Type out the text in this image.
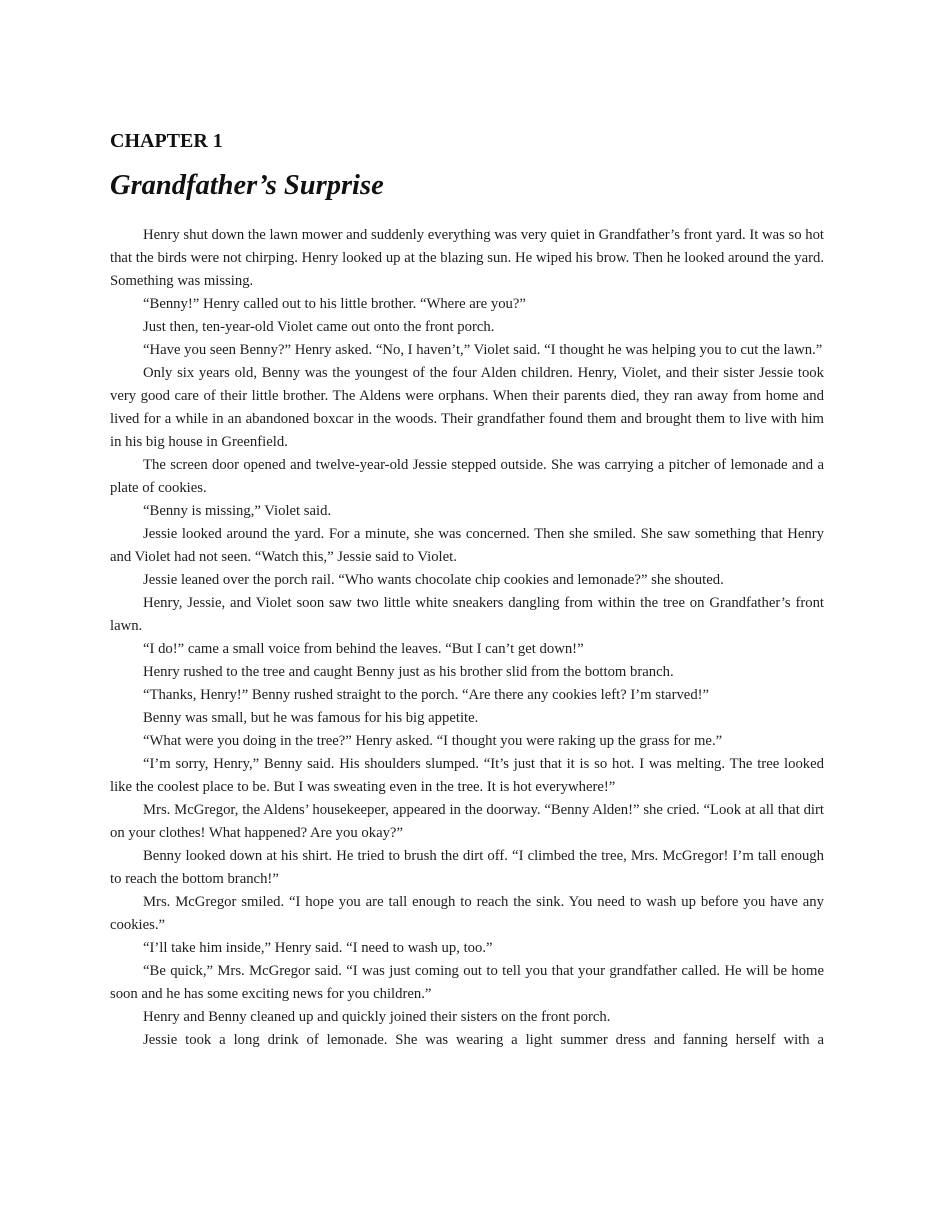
CHAPTER 1
Grandfather’s Surprise

Henry shut down the lawn mower and suddenly everything was very quiet in Grandfather’s front yard. It was so hot that the birds were not chirping. Henry looked up at the blazing sun. He wiped his brow. Then he looked around the yard. Something was missing.

“Benny!” Henry called out to his little brother. “Where are you?”

Just then, ten-year-old Violet came out onto the front porch.

“Have you seen Benny?” Henry asked. “No, I haven’t,” Violet said. “I thought he was helping you to cut the lawn.”

Only six years old, Benny was the youngest of the four Alden children. Henry, Violet, and their sister Jessie took very good care of their little brother. The Aldens were orphans. When their parents died, they ran away from home and lived for a while in an abandoned boxcar in the woods. Their grandfather found them and brought them to live with him in his big house in Greenfield.

The screen door opened and twelve-year-old Jessie stepped outside. She was carrying a pitcher of lemonade and a plate of cookies.

“Benny is missing,” Violet said.

Jessie looked around the yard. For a minute, she was concerned. Then she smiled. She saw something that Henry and Violet had not seen. “Watch this,” Jessie said to Violet.

Jessie leaned over the porch rail. “Who wants chocolate chip cookies and lemonade?” she shouted.

Henry, Jessie, and Violet soon saw two little white sneakers dangling from within the tree on Grandfather’s front lawn.

“I do!” came a small voice from behind the leaves. “But I can’t get down!”

Henry rushed to the tree and caught Benny just as his brother slid from the bottom branch.

“Thanks, Henry!” Benny rushed straight to the porch. “Are there any cookies left? I’m starved!”

Benny was small, but he was famous for his big appetite.

“What were you doing in the tree?” Henry asked. “I thought you were raking up the grass for me.”

“I’m sorry, Henry,” Benny said. His shoulders slumped. “It’s just that it is so hot. I was melting. The tree looked like the coolest place to be. But I was sweating even in the tree. It is hot everywhere!”

Mrs. McGregor, the Aldens’ housekeeper, appeared in the doorway. “Benny Alden!” she cried. “Look at all that dirt on your clothes! What happened? Are you okay?”

Benny looked down at his shirt. He tried to brush the dirt off. “I climbed the tree, Mrs. McGregor! I’m tall enough to reach the bottom branch!”

Mrs. McGregor smiled. “I hope you are tall enough to reach the sink. You need to wash up before you have any cookies.”

“I’ll take him inside,” Henry said. “I need to wash up, too.”

“Be quick,” Mrs. McGregor said. “I was just coming out to tell you that your grandfather called. He will be home soon and he has some exciting news for you children.”

Henry and Benny cleaned up and quickly joined their sisters on the front porch.

Jessie took a long drink of lemonade. She was wearing a light summer dress and fanning herself with a
